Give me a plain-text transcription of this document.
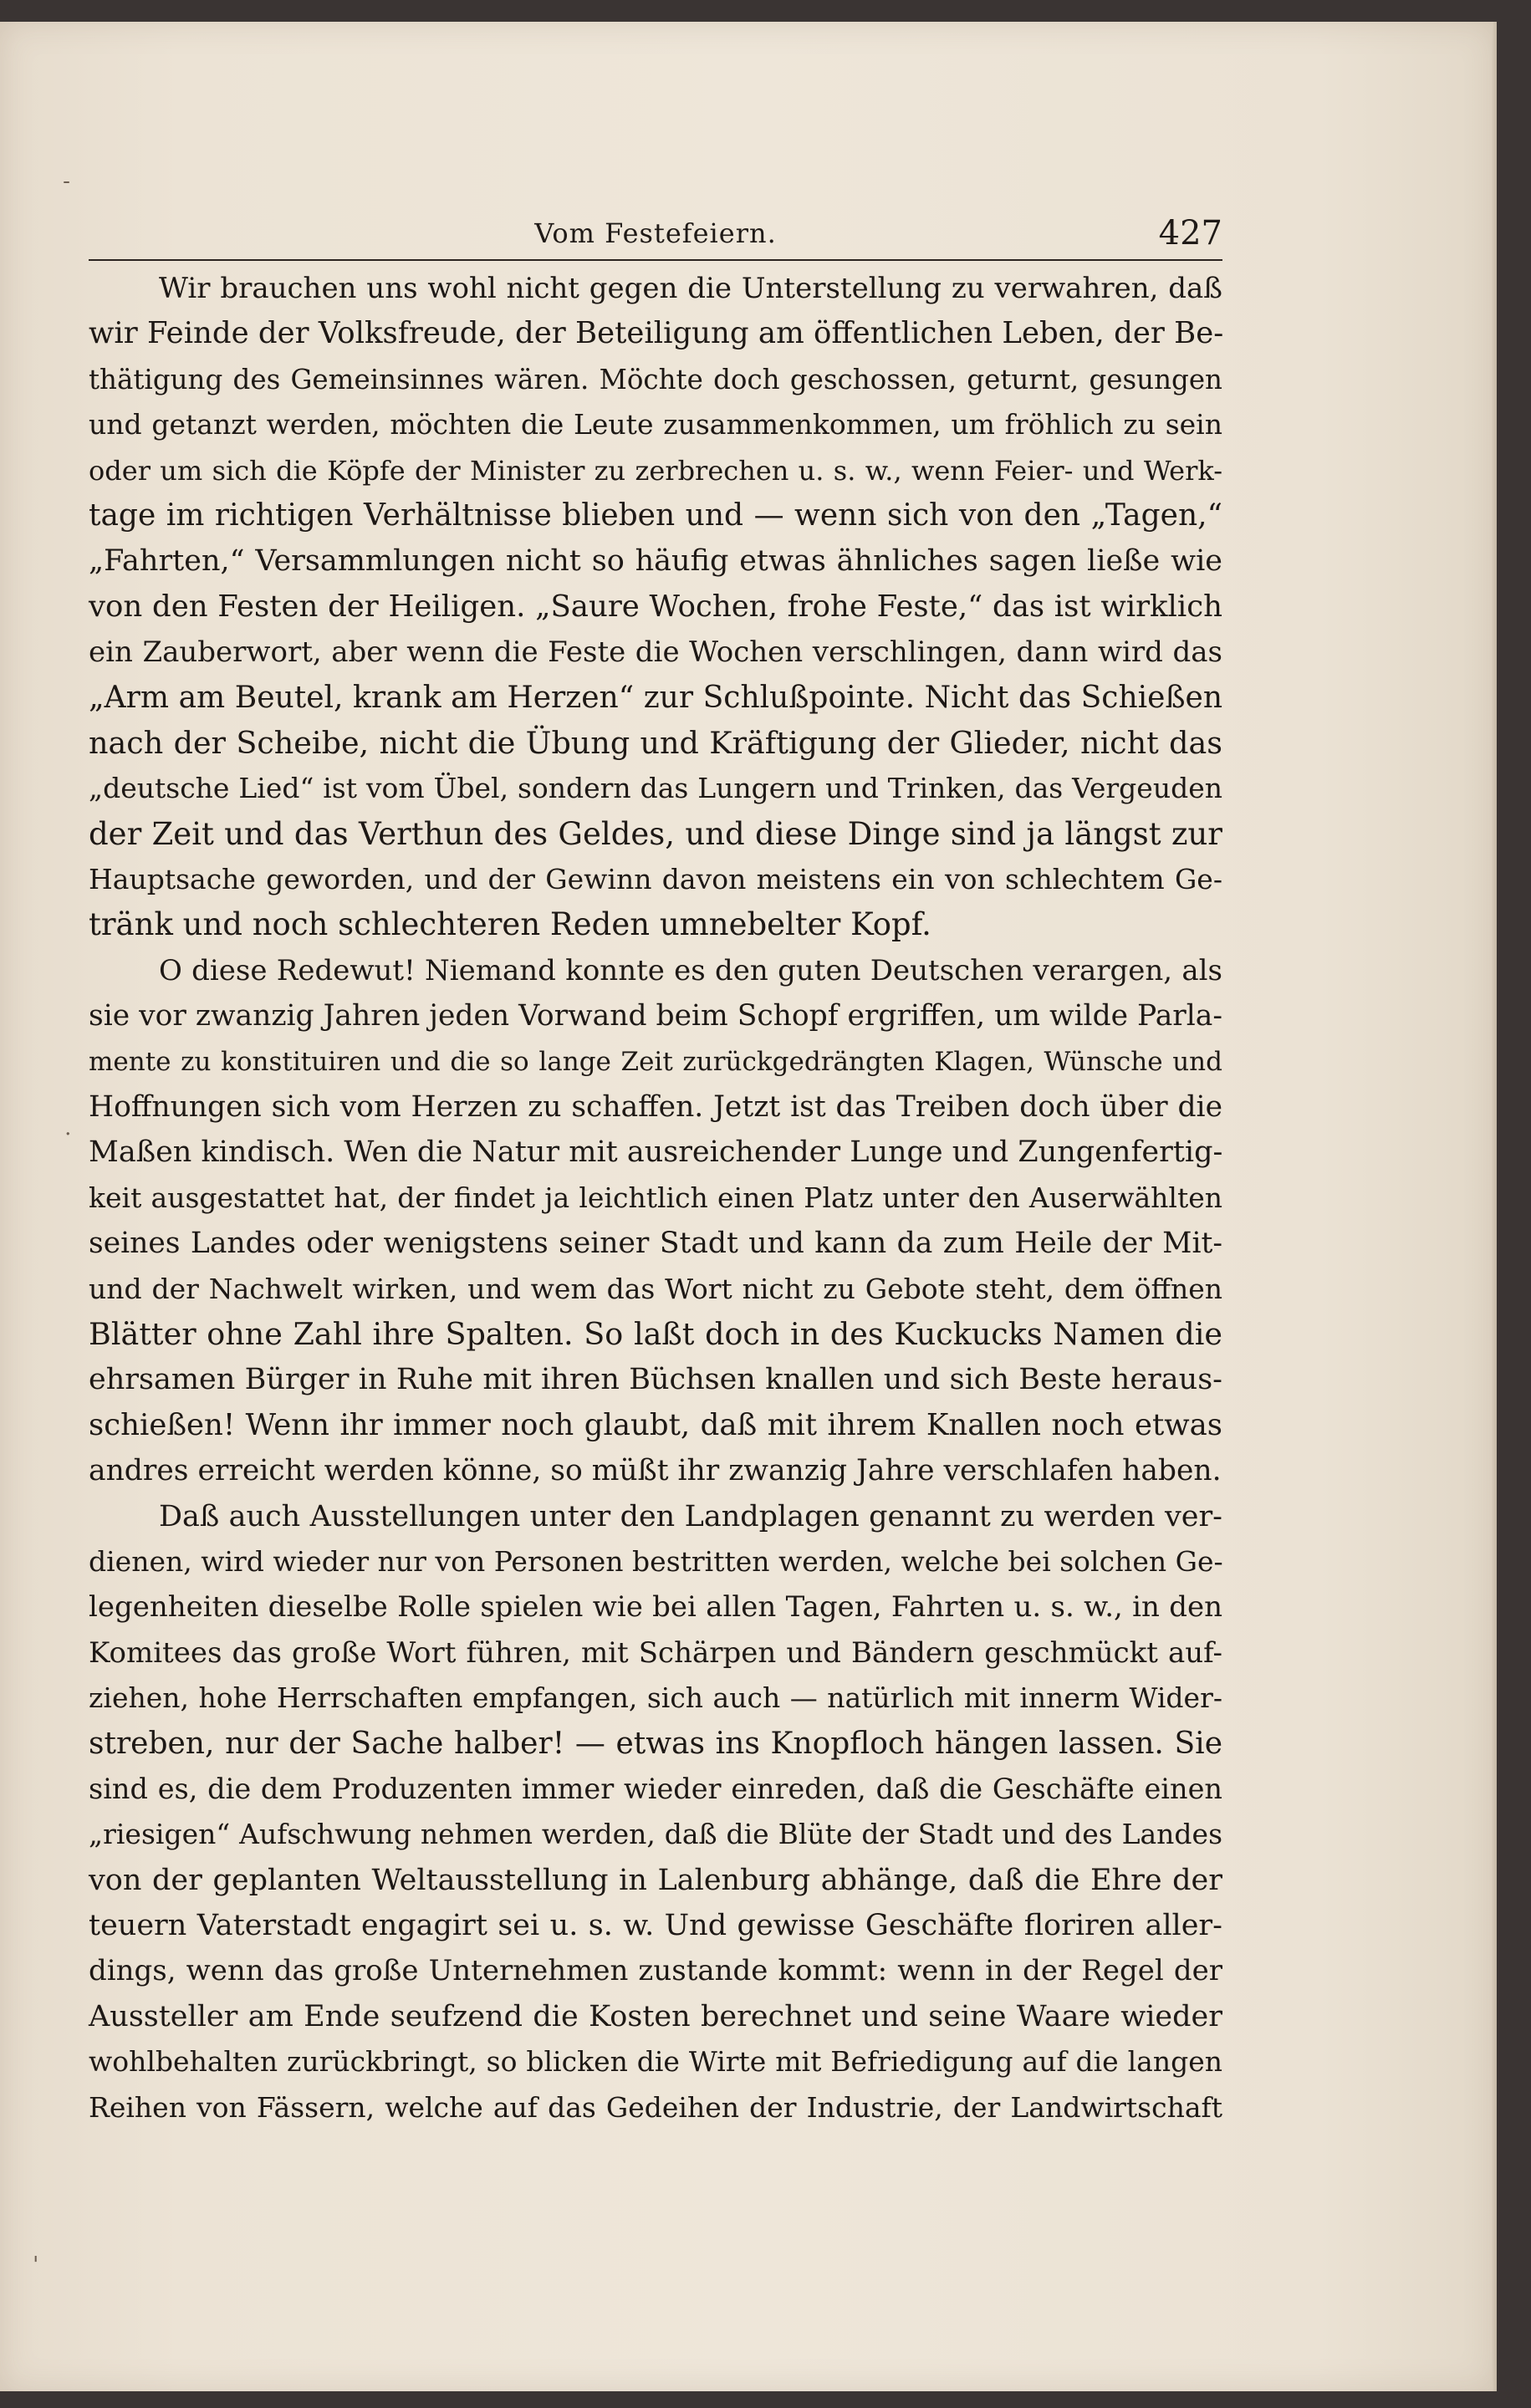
ﾠ-
ﾠ.
ﾠ'
Vom Festefeiern.	427
Wir brauchen uns wohl nicht gegen die Unterstellung zu verwahren, daß
wir Feinde der Volksfreude, der Beteiligung am öffentlichen Leben, der Be-
thätigung des Gemeinsinnes wären. Möchte doch geschossen, geturnt, gesungen
und getanzt werden, möchten die Leute zusammenkommen, um fröhlich zu sein
oder um sich die Köpfe der Minister zu zerbrechen u. s. w., wenn Feier- und Werk-
tage im richtigen Verhältnisse blieben und — wenn sich von den „Tagen,“
„Fahrten,“ Versammlungen nicht so häufig etwas ähnliches sagen ließe wie
von den Festen der Heiligen. „Saure Wochen, frohe Feste,“ das ist wirklich
ein Zauberwort, aber wenn die Feste die Wochen verschlingen, dann wird das
„Arm am Beutel, krank am Herzen“ zur Schlußpointe. Nicht das Schießen
nach der Scheibe, nicht die Übung und Kräftigung der Glieder, nicht das
„deutsche Lied“ ist vom Übel, sondern das Lungern und Trinken, das Vergeuden
der Zeit und das Verthun des Geldes, und diese Dinge sind ja längst zur
Hauptsache geworden, und der Gewinn davon meistens ein von schlechtem Ge-
tränk und noch schlechteren Reden umnebelter Kopf.
O diese Redewut! Niemand konnte es den guten Deutschen verargen, als
sie vor zwanzig Jahren jeden Vorwand beim Schopf ergriffen, um wilde Parla-
mente zu konstituiren und die so lange Zeit zurückgedrängten Klagen, Wünsche und
Hoffnungen sich vom Herzen zu schaffen. Jetzt ist das Treiben doch über die
Maßen kindisch. Wen die Natur mit ausreichender Lunge und Zungenfertig-
keit ausgestattet hat, der findet ja leichtlich einen Platz unter den Auserwählten
seines Landes oder wenigstens seiner Stadt und kann da zum Heile der Mit-
und der Nachwelt wirken, und wem das Wort nicht zu Gebote steht, dem öffnen
Blätter ohne Zahl ihre Spalten. So laßt doch in des Kuckucks Namen die
ehrsamen Bürger in Ruhe mit ihren Büchsen knallen und sich Beste heraus-
schießen! Wenn ihr immer noch glaubt, daß mit ihrem Knallen noch etwas
andres erreicht werden könne, so müßt ihr zwanzig Jahre verschlafen haben.
Daß auch Ausstellungen unter den Landplagen genannt zu werden ver-
dienen, wird wieder nur von Personen bestritten werden, welche bei solchen Ge-
legenheiten dieselbe Rolle spielen wie bei allen Tagen, Fahrten u. s. w., in den
Komitees das große Wort führen, mit Schärpen und Bändern geschmückt auf-
ziehen, hohe Herrschaften empfangen, sich auch — natürlich mit innerm Wider-
streben, nur der Sache halber! — etwas ins Knopfloch hängen lassen. Sie
sind es, die dem Produzenten immer wieder einreden, daß die Geschäfte einen
„riesigen“ Aufschwung nehmen werden, daß die Blüte der Stadt und des Landes
von der geplanten Weltausstellung in Lalenburg abhänge, daß die Ehre der
teuern Vaterstadt engagirt sei u. s. w. Und gewisse Geschäfte floriren aller-
dings, wenn das große Unternehmen zustande kommt: wenn in der Regel der
Aussteller am Ende seufzend die Kosten berechnet und seine Waare wieder
wohlbehalten zurückbringt, so blicken die Wirte mit Befriedigung auf die langen
Reihen von Fässern, welche auf das Gedeihen der Industrie, der Landwirtschaft
